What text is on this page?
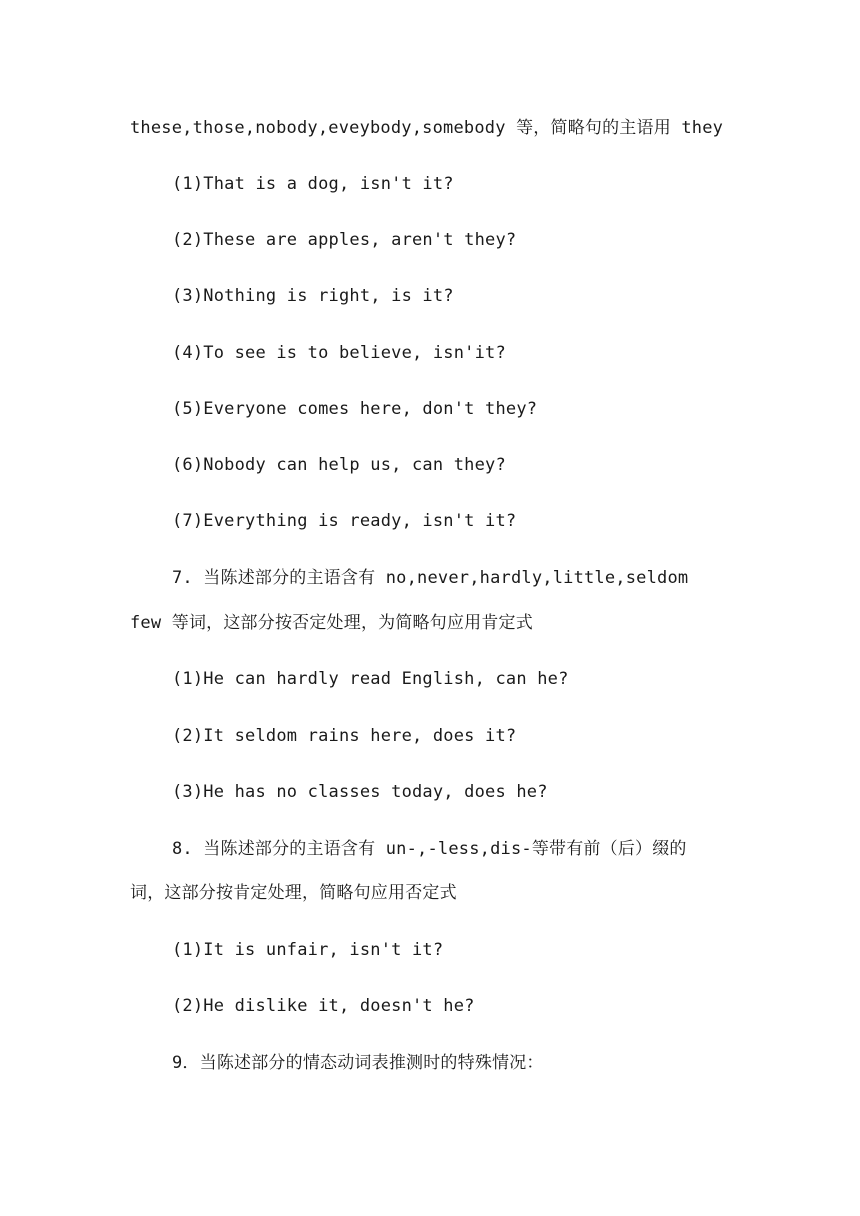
these,those,nobody,eveybody,somebody 等，简略句的主语用 they
(1)That is a dog, isn't it?
(2)These are apples, aren't they?
(3)Nothing is right, is it?
(4)To see is to believe, isn'it?
(5)Everyone comes here, don't they?
(6)Nobody can help us, can they?
(7)Everything is ready, isn't it?
7. 当陈述部分的主语含有 no,never,hardly,little,seldom
few 等词，这部分按否定处理，为简略句应用肯定式
(1)He can hardly read English, can he?
(2)It seldom rains here, does it?
(3)He has no classes today, does he?
8. 当陈述部分的主语含有 un-,-less,dis-等带有前（后）缀的
词，这部分按肯定处理，简略句应用否定式
(1)It is unfair, isn't it?
(2)He dislike it, doesn't he?
9．当陈述部分的情态动词表推测时的特殊情况：
